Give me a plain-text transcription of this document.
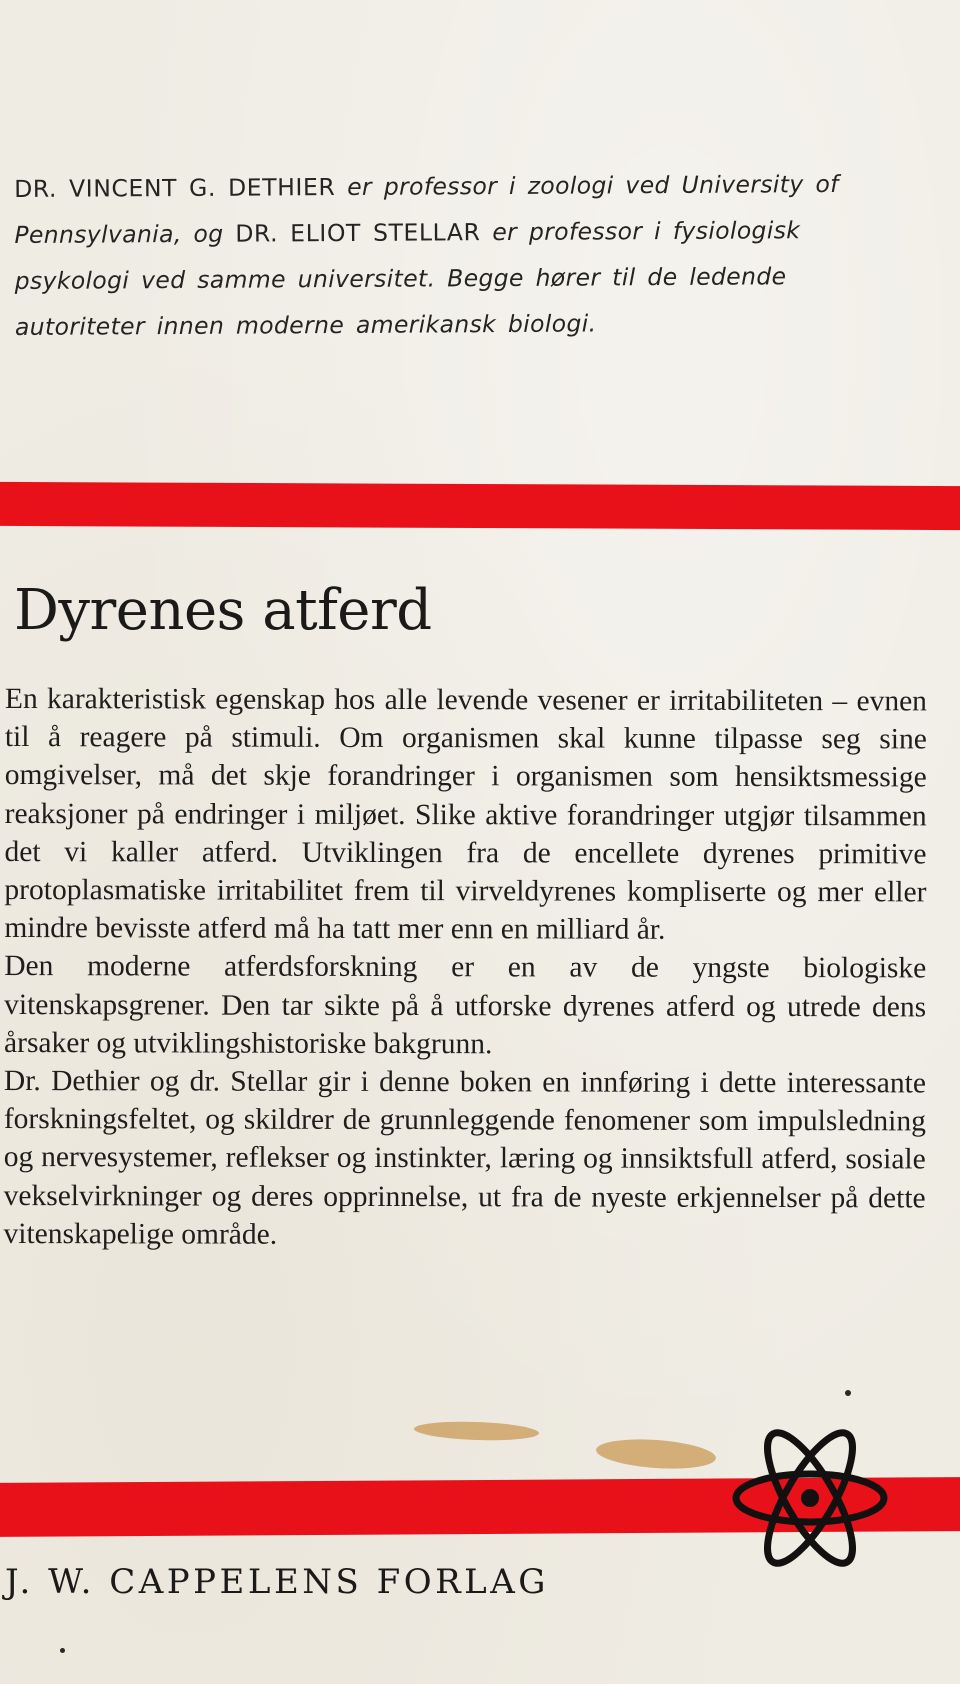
DR. VINCENT G. DETHIER er professor i zoologi ved University of Pennsylvania, og DR. ELIOT STELLAR er professor i fysiologisk psykologi ved samme universitet. Begge hører til de ledende autoriteter innen moderne amerikansk biologi.

Dyrenes atferd

En karakteristisk egenskap hos alle levende vesener er irritabiliteten – evnen til å reagere på stimuli. Om organismen skal kunne tilpasse seg sine omgivelser, må det skje forandringer i organismen som hensiktsmessige reaksjoner på endringer i miljøet. Slike aktive forandringer utgjør tilsammen det vi kaller atferd. Utviklingen fra de encellete dyrenes primitive protoplasmatiske irritabilitet frem til virveldyrenes kompliserte og mer eller mindre bevisste atferd må ha tatt mer enn en milliard år.

Den moderne atferdsforskning er en av de yngste biologiske vitenskapsgrener. Den tar sikte på å utforske dyrenes atferd og utrede dens årsaker og utviklingshistoriske bakgrunn.

Dr. Dethier og dr. Stellar gir i denne boken en innføring i dette interessante forskningsfeltet, og skildrer de grunnleggende fenomener som impulsledning og nervesystemer, reflekser og instinkter, læring og innsiktsfull atferd, sosiale vekselvirkninger og deres opprinnelse, ut fra de nyeste erkjennelser på dette vitenskapelige område.

J. W. CAPPELENS FORLAG
